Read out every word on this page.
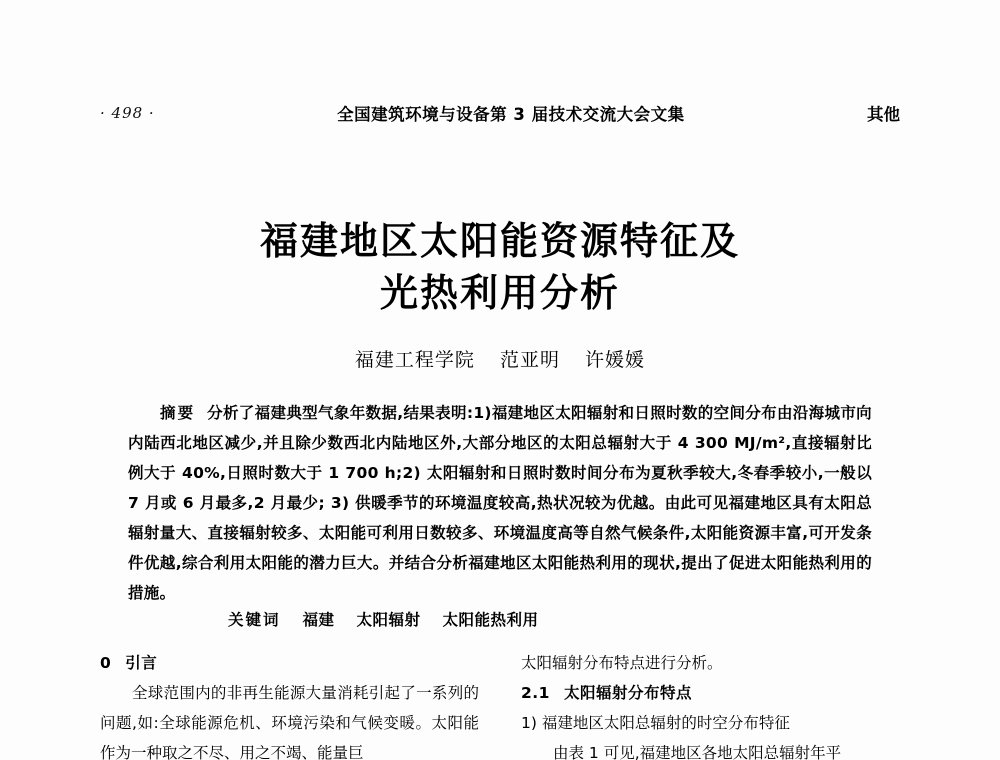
· 498 ·	全国建筑环境与设备第 3 届技术交流大会文集	其他
福建地区太阳能资源特征及
光热利用分析
福建工程学院 范亚明 许媛媛
摘要 分析了福建典型气象年数据,结果表明:1)福建地区太阳辐射和日照时数的空间分布由沿海城市向内陆西北地区减少,并且除少数西北内陆地区外,大部分地区的太阳总辐射大于 4 300 MJ/m²,直接辐射比例大于 40%,日照时数大于 1 700 h;2) 太阳辐射和日照时数时间分布为夏秋季较大,冬春季较小,一般以 7 月或 6 月最多,2 月最少; 3) 供暖季节的环境温度较高,热状况较为优越。由此可见福建地区具有太阳总辐射量大、直接辐射较多、太阳能可利用日数较多、环境温度高等自然气候条件,太阳能资源丰富,可开发条件优越,综合利用太阳能的潜力巨大。并结合分析福建地区太阳能热利用的现状,提出了促进太阳能热利用的措施。
关键词 福建 太阳辐射 太阳能热利用
0 引言
全球范围内的非再生能源大量消耗引起了一系列的问题,如:全球能源危机、环境污染和气候变暖。太阳能作为一种取之不尽、用之不竭、能量巨
太阳辐射分布特点进行分析。
2.1 太阳辐射分布特点
1) 福建地区太阳总辐射的时空分布特征
由表 1 可见,福建地区各地太阳总辐射年平
